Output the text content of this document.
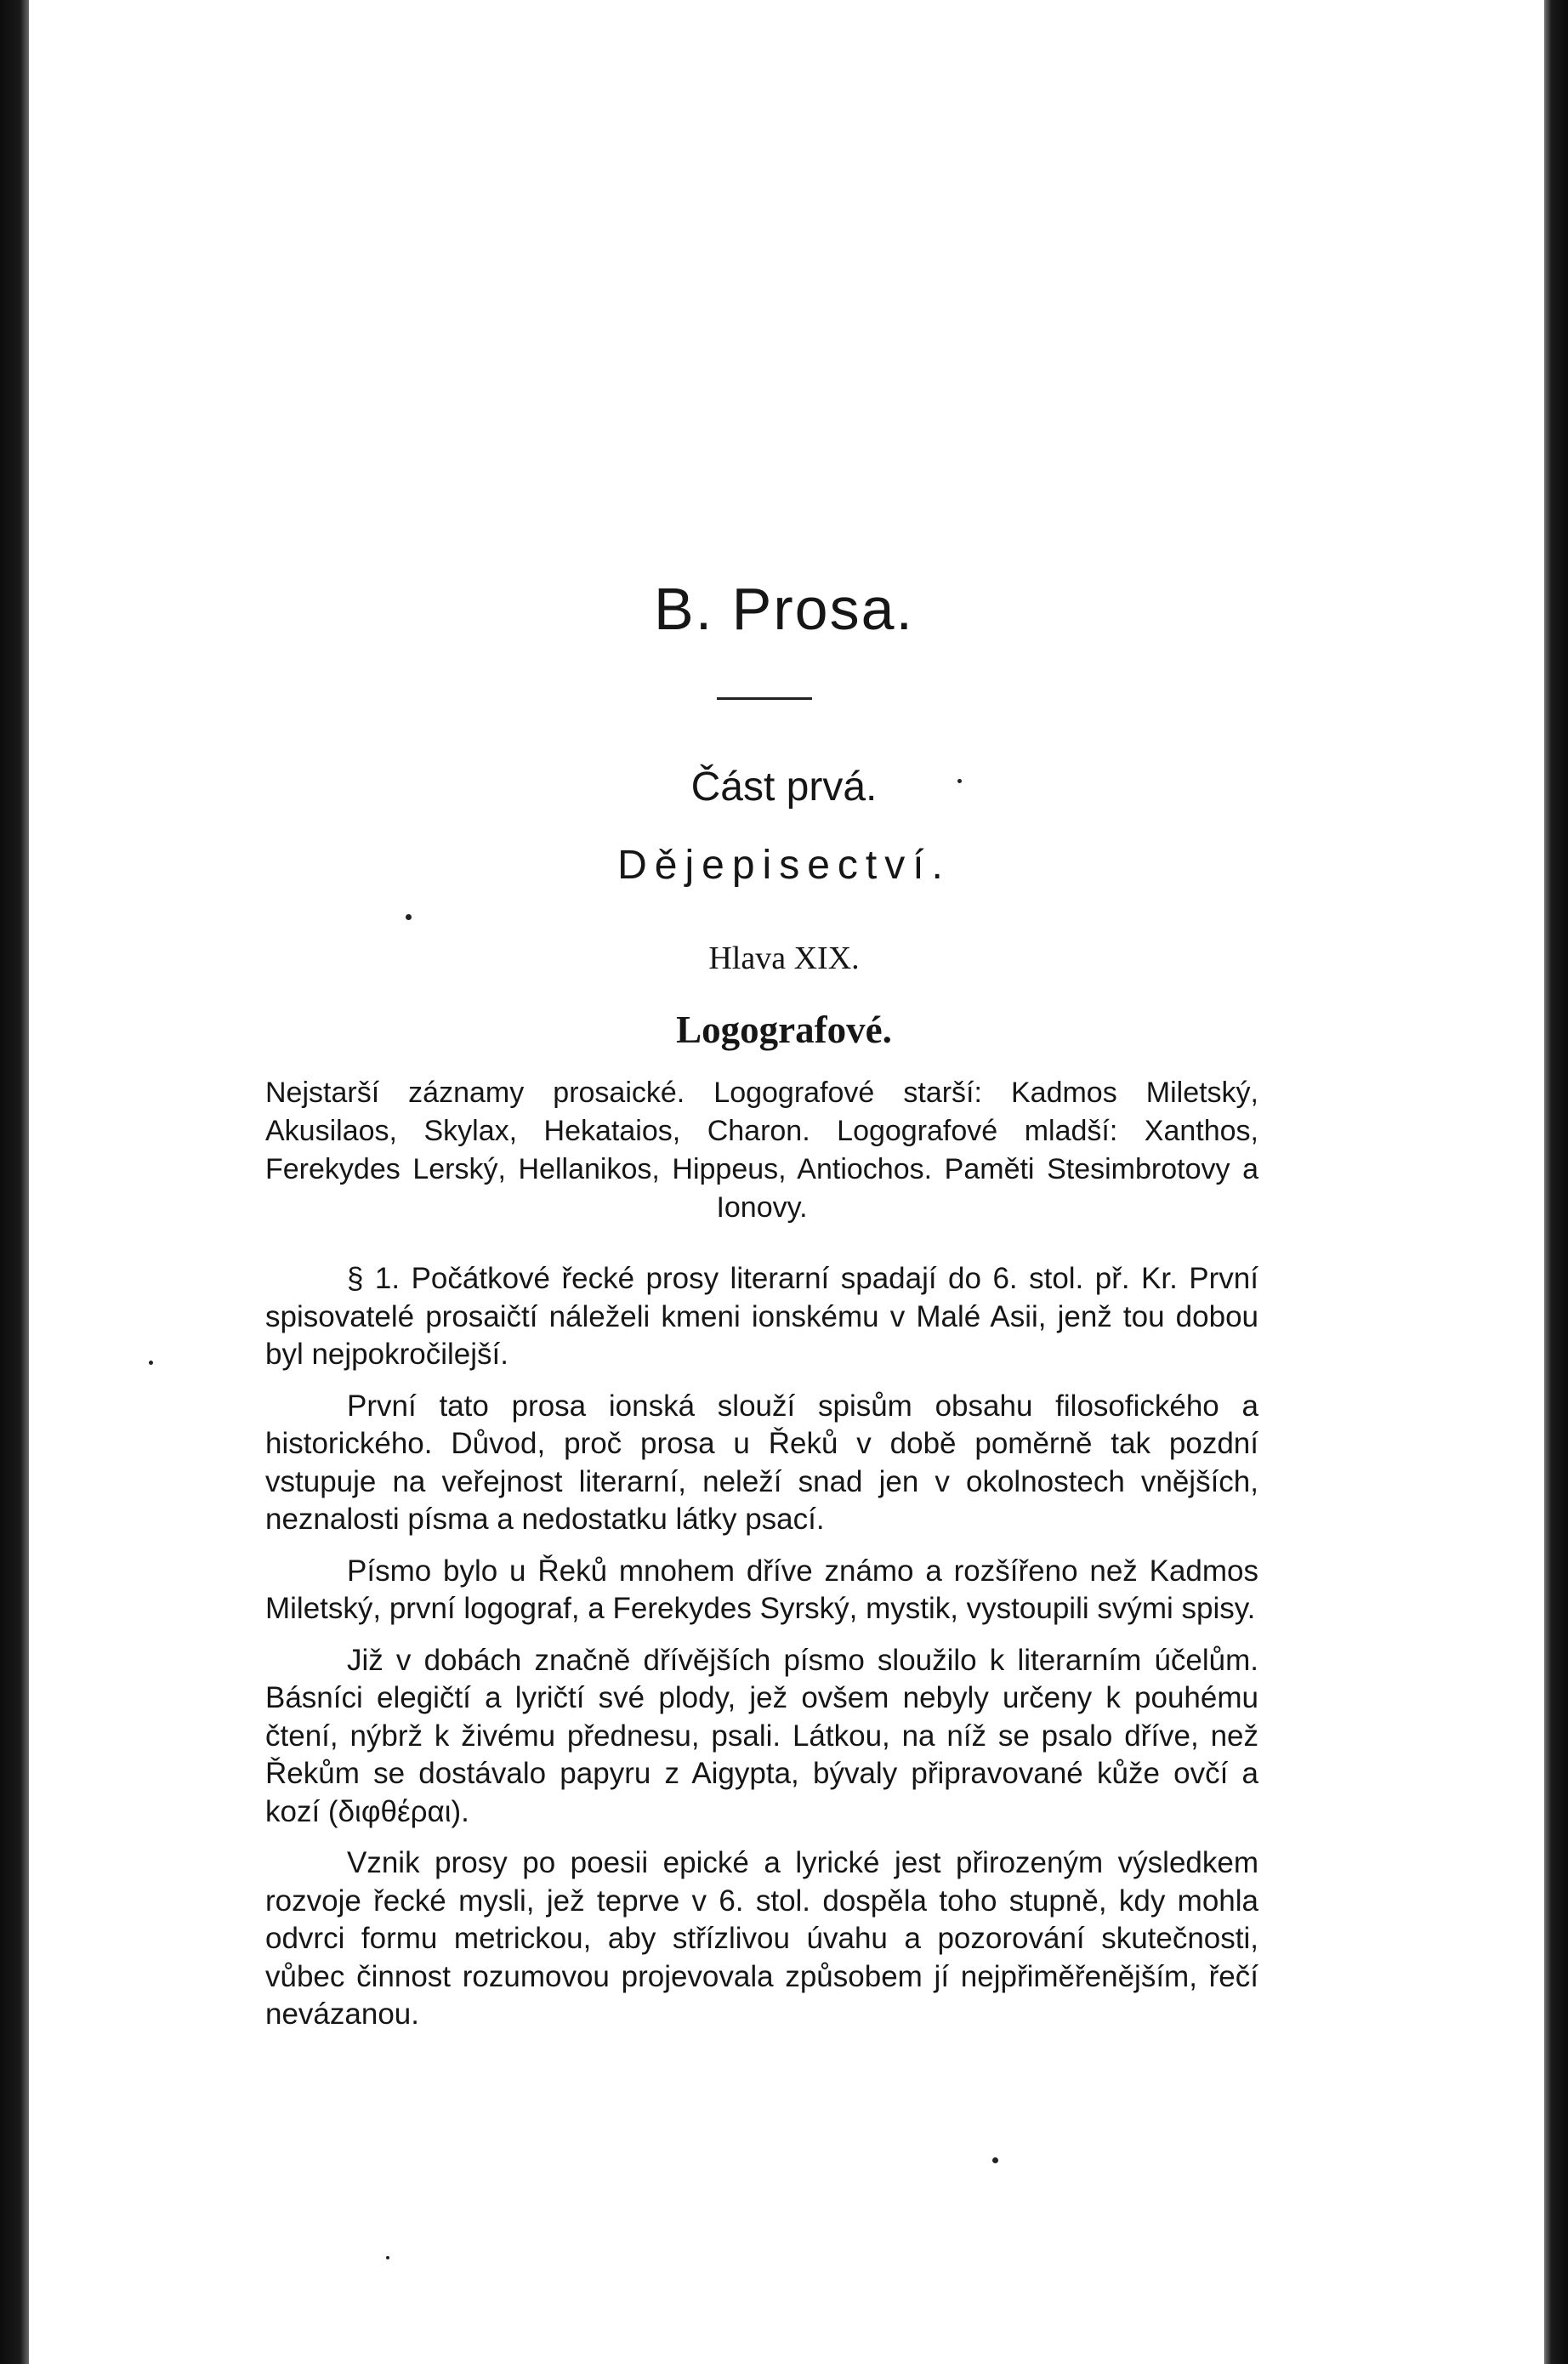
B. Prosa.
Část prvá.
Dějepisectví.
Hlava XIX.
Logografové.
Nejstarší záznamy prosaické. Logografové starší: Kadmos Miletský, Akusilaos, Skylax, Hekataios, Charon. Logografové mladší: Xanthos, Ferekydes Lerský, Hellanikos, Hippeus, Antiochos. Paměti Stesimbrotovy a Ionovy.

§ 1. Počátkové řecké prosy literarní spadají do 6. stol. př. Kr. První spisovatelé prosaičtí náleželi kmeni ionskému v Malé Asii, jenž tou dobou byl nejpokročilejší.

První tato prosa ionská slouží spisům obsahu filosofického a historického. Důvod, proč prosa u Řeků v době poměrně tak pozdní vstupuje na veřejnost literarní, neleží snad jen v okolnostech vnějších, neznalosti písma a nedostatku látky psací.

Písmo bylo u Řeků mnohem dříve známo a rozšířeno než Kadmos Miletský, první logograf, a Ferekydes Syrský, mystik, vystoupili svými spisy.

Již v dobách značně dřívějších písmo sloužilo k literarním účelům. Básníci elegičtí a lyričtí své plody, jež ovšem nebyly určeny k pouhému čtení, nýbrž k živému přednesu, psali. Látkou, na níž se psalo dříve, než Řekům se dostávalo papyru z Aigypta, bývaly připravované kůže ovčí a kozí (διφθέραι).

Vznik prosy po poesii epické a lyrické jest přirozeným výsledkem rozvoje řecké mysli, jež teprve v 6. stol. dospěla toho stupně, kdy mohla odvrci formu metrickou, aby střízlivou úvahu a pozorování skutečnosti, vůbec činnost rozumovou projevovala způsobem jí nejpřiměřenějším, řečí nevázanou.
